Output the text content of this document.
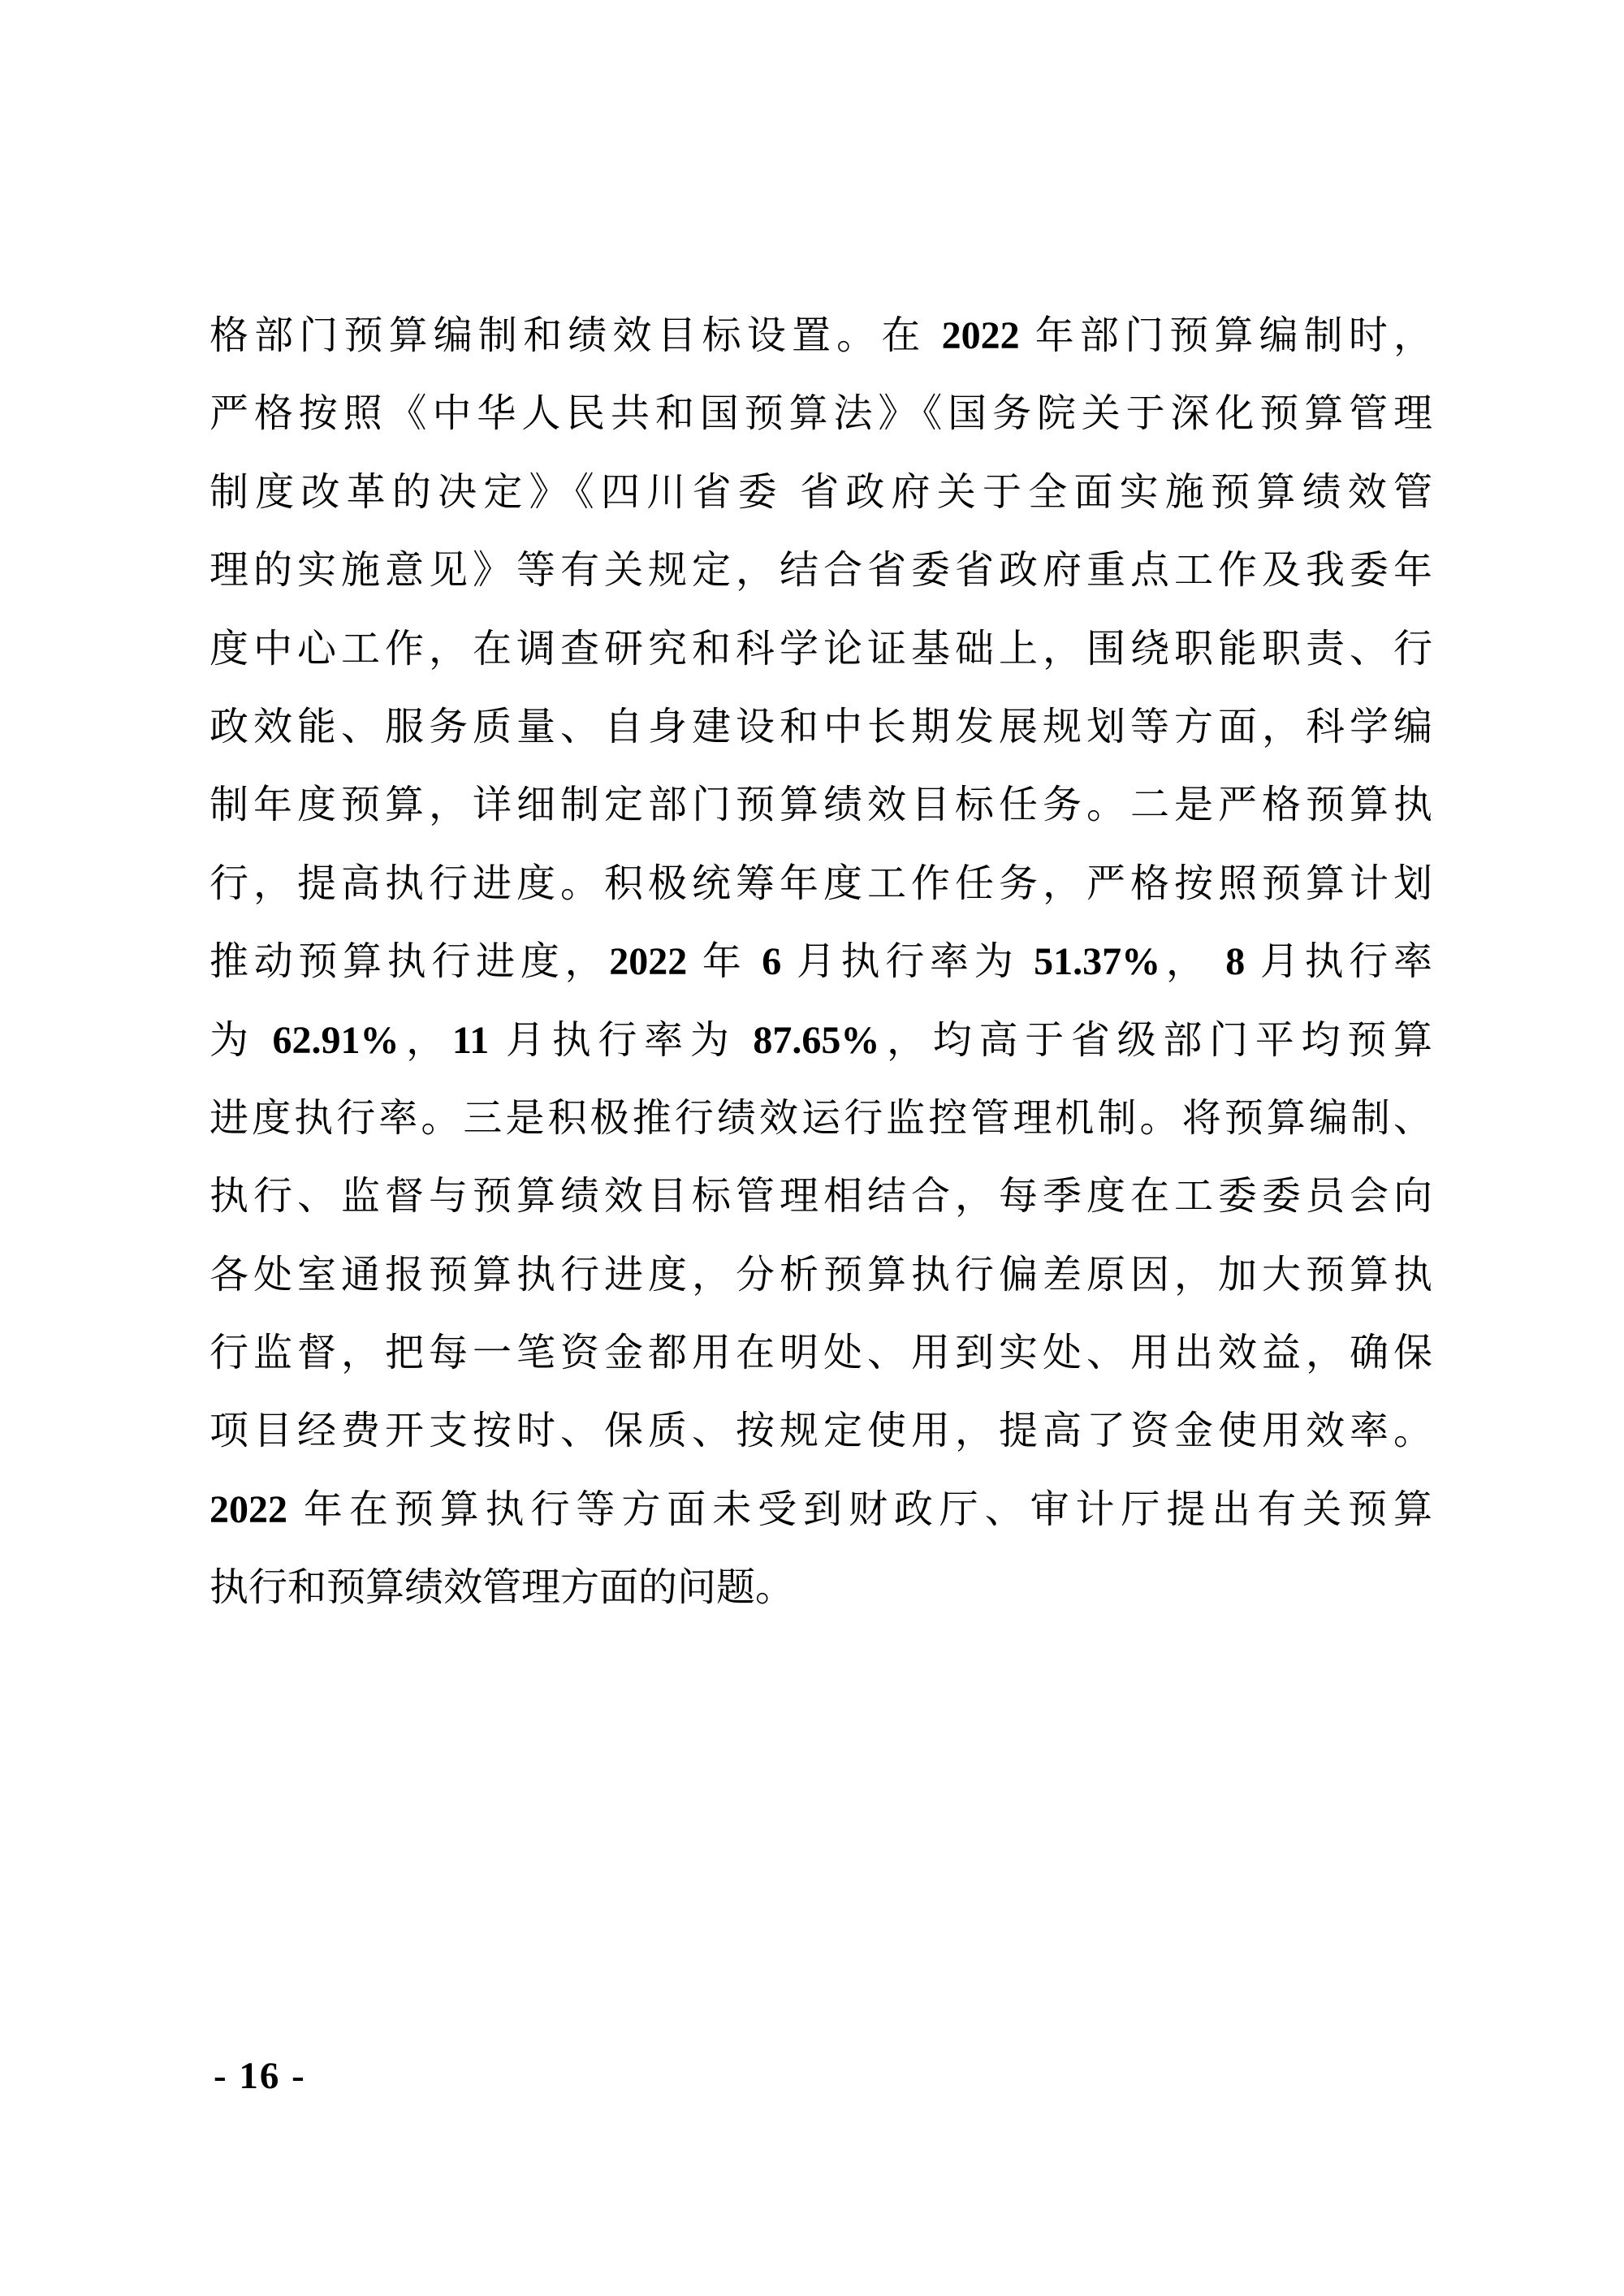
格部门预算编制和绩效目标设置。在 2022 年部门预算编制时，
严格按照《中华人民共和国预算法》《国务院关于深化预算管理
制度改革的决定》《四川省委 省政府关于全面实施预算绩效管
理的实施意见》等有关规定，结合省委省政府重点工作及我委年
度中心工作，在调查研究和科学论证基础上，围绕职能职责、行
政效能、服务质量、自身建设和中长期发展规划等方面，科学编
制年度预算，详细制定部门预算绩效目标任务。二是严格预算执
行，提高执行进度。积极统筹年度工作任务，严格按照预算计划
推动预算执行进度，2022 年 6 月执行率为 51.37%， 8 月执行率
为 62.91%，11 月执行率为 87.65%，均高于省级部门平均预算
进度执行率。三是积极推行绩效运行监控管理机制。将预算编制、
执行、监督与预算绩效目标管理相结合，每季度在工委委员会向
各处室通报预算执行进度，分析预算执行偏差原因，加大预算执
行监督，把每一笔资金都用在明处、用到实处、用出效益，确保
项目经费开支按时、保质、按规定使用，提高了资金使用效率。
2022 年在预算执行等方面未受到财政厅、审计厅提出有关预算
执行和预算绩效管理方面的问题。
- 16 -
